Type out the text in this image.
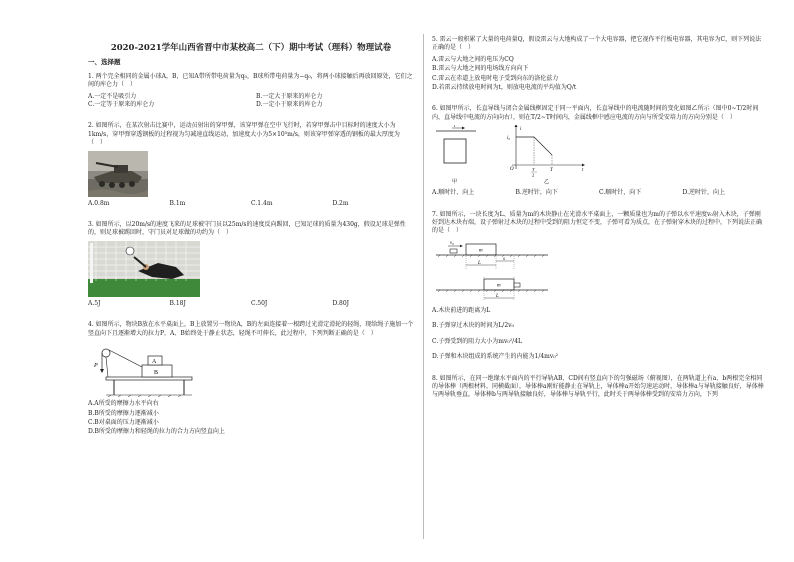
2020-2021学年山西省晋中市某校高二（下）期中考试（理科）物理试卷
一、选择题
1. 两个完全相同的金属小球A，B，已知A带所带电荷量为q₀，B球所带电荷量为−q₀，将两小球接触后再放回原处，它们之间的库仑力（　）
A.一定不是吸引力	B.一定大于原来的库仑力
C.一定等于原来的库仑力	D.一定小于原来的库仑力
2. 如图所示，在某次射击比赛中，运动员射出的穿甲弹，该穿甲弹在空中飞行时，若穿甲弹击中目标时的速度大小为1km/s，穿甲弹穿透钢板的过程视为匀减速直线运动，加速度大小为5×10⁵m/s，则该穿甲弹穿透的钢板的最大厚度为（　）
A.0.8m	B.1m	C.1.4m	D.2m
3. 如图所示，以20m/s的速度飞来的足球被守门员以25m/s的速度反向踢回，已知足球的质量为430g，假设足球是弹性的，则足球被踢回时，守门员对足球做的功约为（　）
A.5J	B.18J	C.50J	D.80J
4. 如图所示，物块B放在水平桌面上，B上放置另一物块A，B的左面连接着一根跨过光滑定滑轮的轻绳，现给绳子施加一个竖直向下且逐渐增大的拉力P，A、B始终处于静止状态，轻绳不可伸长，此过程中，下列判断正确的是（　）
P
A
B
A.A所受的摩擦力水平向右
B.B所受的摩擦力逐渐减小
C.B对桌面的压力逐渐减小
D.B所受的摩擦力和轻绳的拉力的合力方向竖直向上
5. 雷云一般积累了大量的电荷量Q，假设雷云与大地构成了一个大电容器，把它视作平行板电容器，其电容为C，则下列说法正确的是（　）
A.雷云与大地之间的电压为CQ
B.雷云与大地之间的电场线方向向下
C.雷云在赤道上放电时电子受到向东的洛伦兹力
D.若雷云持续放电时间为t，则放电电流的平均值为Q/t
6. 如图甲所示，长直导线与闭合金属线框固定于同一平面内，长直导线中的电流随时间的变化如图乙所示（图中0~T/2时间内，直导线中电流的方向向右），则在T/2~T时间内，金属线框中感应电流的方向与所受安培力的方向分别是（　）
i
甲
i₀
i
O	T
2
T	t
乙
A.顺时针，向上	B.逆时针，向下	C.顺时针，向下	D.逆时针，向上
7. 如图所示，一块长度为L、质量为m的木块静止在光滑水平桌面上，一颗质量也为m的子弹以水平速度v₀射入木块，子弹刚好到达木块右端，设子弹射过木块的过程中受到的阻力恒定不变，子弹可看为质点，在子弹射穿木块的过程中，下列说法正确的是（　）
v₀
m
L
s
m
L
A.木块前进的距离为L
B.子弹穿过木块的时间为L/2v₀
C.子弹受到的阻力大小为mv₀²/4L
D.子弹和木块组成的系统产生的内能为1/4mv₀²
8. 如图所示，在同一绝缘水平面内的平行导轨AB、CD间有竖直向下的匀强磁场（俯视图），在两轨道上有a、b两根完全相同的导体棒（两根材料，同横截面），导体棒a刚好能静止在导轨上，导体棒a开始匀速运动时，导体棒a与导轨接触良好，导体棒与两导轨垂直，导体棒b与两导轨接触良好，导体棒与导轨平行，此时关于两导体棒受到的安培力方向，下列
